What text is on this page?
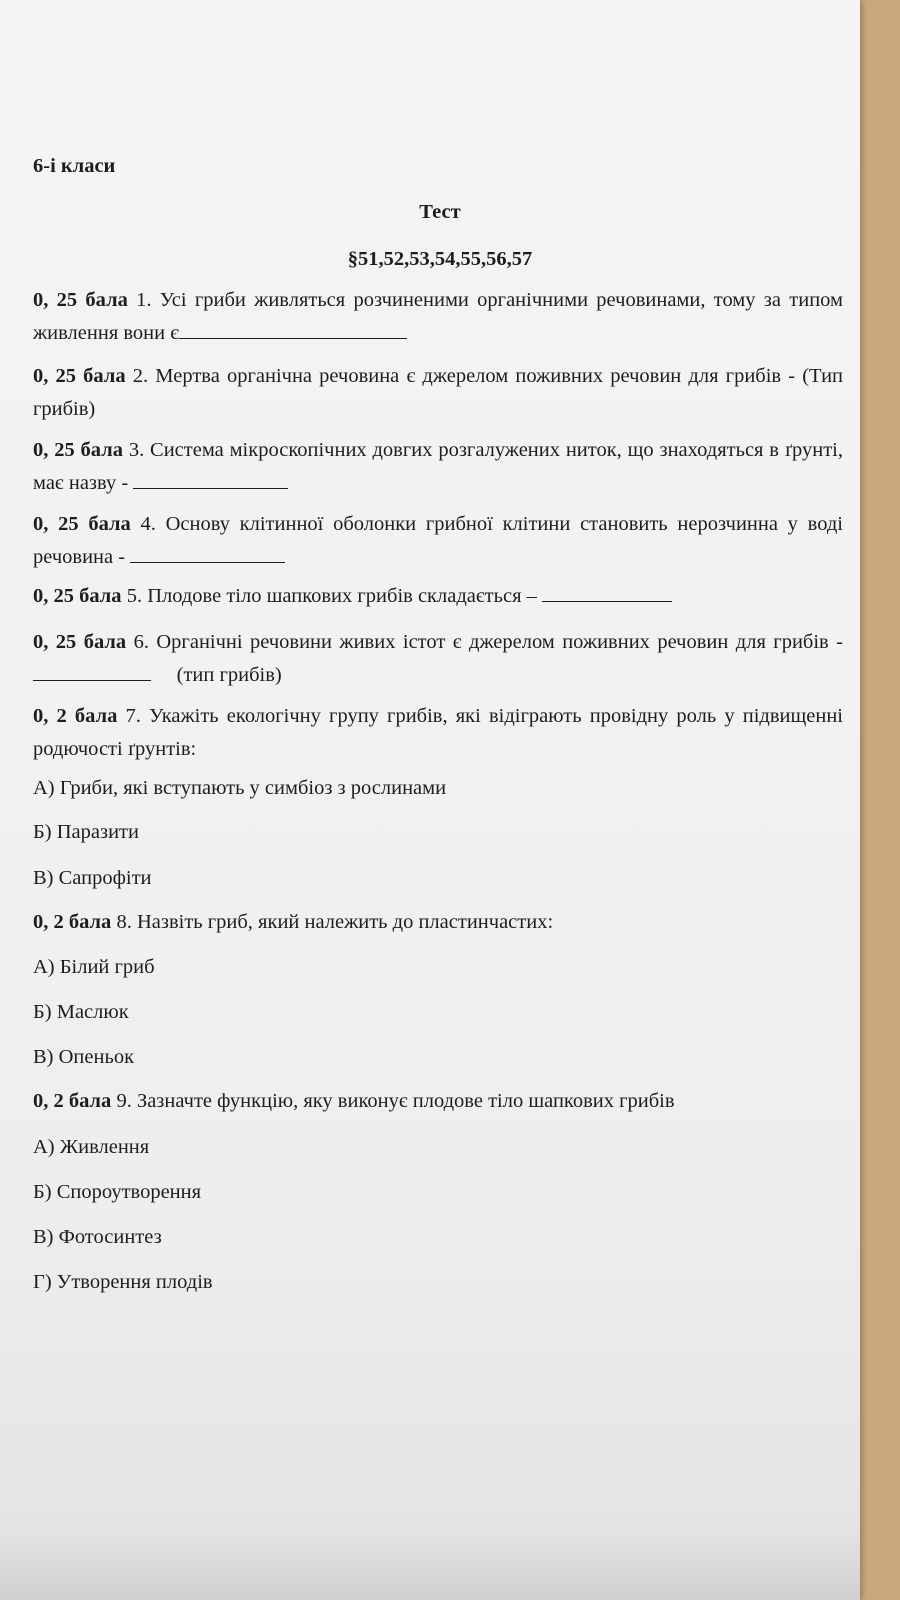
6-і класи
Тест
§51,52,53,54,55,56,57
0, 25 бала 1. Усі гриби живляться розчиненими органічними речовинами, тому за типом живлення вони є
0, 25 бала 2. Мертва органічна речовина є джерелом поживних речовин для грибів - (Тип грибів)
0, 25 бала 3. Система мікроскопічних довгих розгалужених ниток, що знаходяться в ґрунті, має назву -
0, 25 бала 4. Основу клітинної оболонки грибної клітини становить нерозчинна у воді речовина -
0, 25 бала 5. Плодове тіло шапкових грибів складається –
0, 25 бала 6. Органічні речовини живих істот є джерелом поживних речовин для грибів -     (тип грибів)
0, 2 бала 7. Укажіть екологічну групу грибів, які відіграють провідну роль у підвищенні родючості ґрунтів:
А) Гриби, які вступають у симбіоз з рослинами
Б) Паразити
В) Сапрофіти
0, 2 бала 8. Назвіть гриб, який належить до пластинчастих:
А) Білий гриб
Б) Маслюк
В) Опеньок
0, 2 бала 9. Зазначте функцію, яку виконує плодове тіло шапкових грибів
А) Живлення
Б) Спороутворення
В) Фотосинтез
Г) Утворення плодів
